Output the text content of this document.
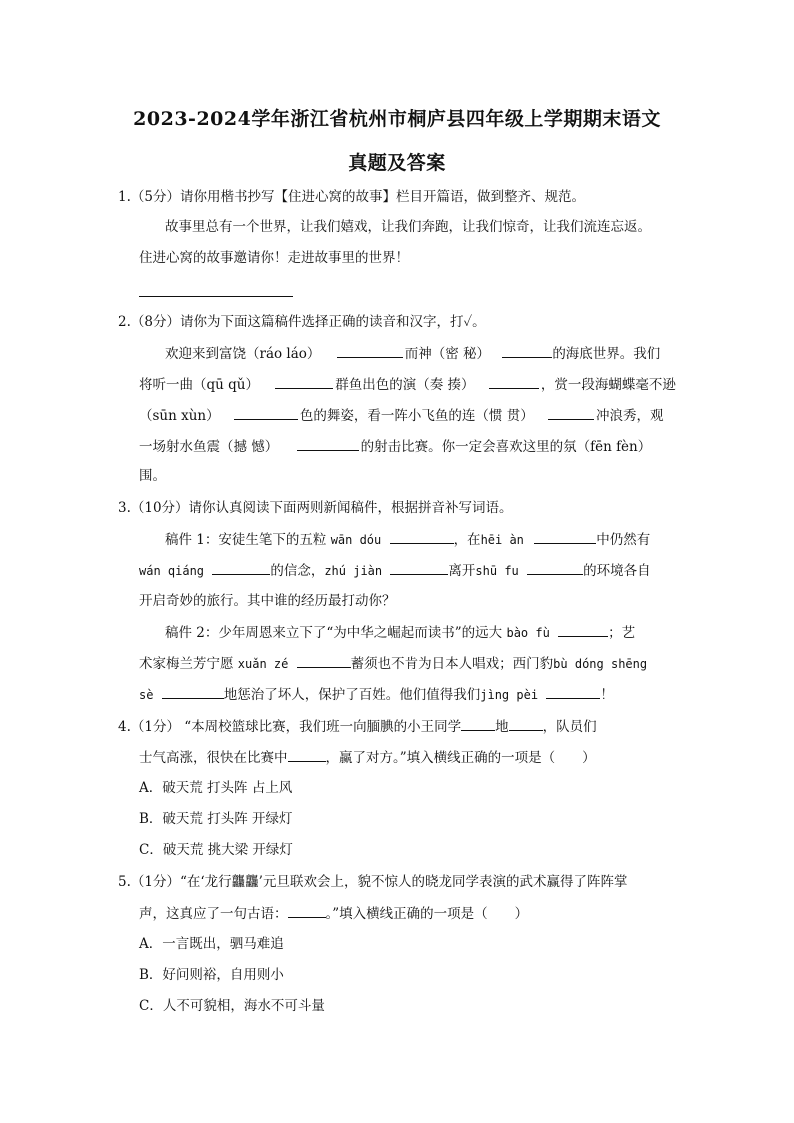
2023-2024学年浙江省杭州市桐庐县四年级上学期期末语文
真题及答案
1.（5分）请你用楷书抄写【住进心窝的故事】栏目开篇语，做到整齐、规范。
故事里总有一个世界，让我们嬉戏，让我们奔跑，让我们惊奇，让我们流连忘返。
住进心窝的故事邀请你！走进故事里的世界！
2.（8分）请你为下面这篇稿件选择正确的读音和汉字，打✓。
欢迎来到富饶（ráo láo）	而神（密 秘）	的海底世界。我们
将听一曲（qū qǔ）	群鱼出色的演（奏 揍）	，赏一段海蝴蝶毫不逊
（sūn xùn）	色的舞姿，看一阵小飞鱼的连（惯 贯）	冲浪秀，观
一场射水鱼震（撼 憾）	的射击比赛。你一定会喜欢这里的氛（fēn fèn）
围。
3.（10分）请你认真阅读下面两则新闻稿件，根据拼音补写词语。
稿件 1：安徒生笔下的五粒 wān dóu	，在hēi àn	中仍然有
wán qiáng	的信念，zhú jiàn	离开shū fu	的环境各自
开启奇妙的旅行。其中谁的经历最打动你？
稿件 2：少年周恩来立下了“为中华之崛起而读书”的远大 bào fù	；艺
术家梅兰芳宁愿 xuǎn zé	蓄须也不肯为日本人唱戏；西门豹bù dóng shēng
sè	地惩治了坏人，保护了百姓。他们值得我们jìng pèi	！
4.（1分） “本周校篮球比赛，我们班一向腼腆的小王同学	地	，队员们
士气高涨，很快在比赛中	，赢了对方。”填入横线正确的一项是（　　）
A．破天荒 打头阵 占上风
B．破天荒 打头阵 开绿灯
C．破天荒 挑大梁 开绿灯
5.（1分）“在‘龙行龘龘’元旦联欢会上，貌不惊人的晓龙同学表演的武术赢得了阵阵掌
声，这真应了一句古语：	。”填入横线正确的一项是（　　）
A．一言既出，驷马难追
B．好问则裕，自用则小
C．人不可貌相，海水不可斗量
